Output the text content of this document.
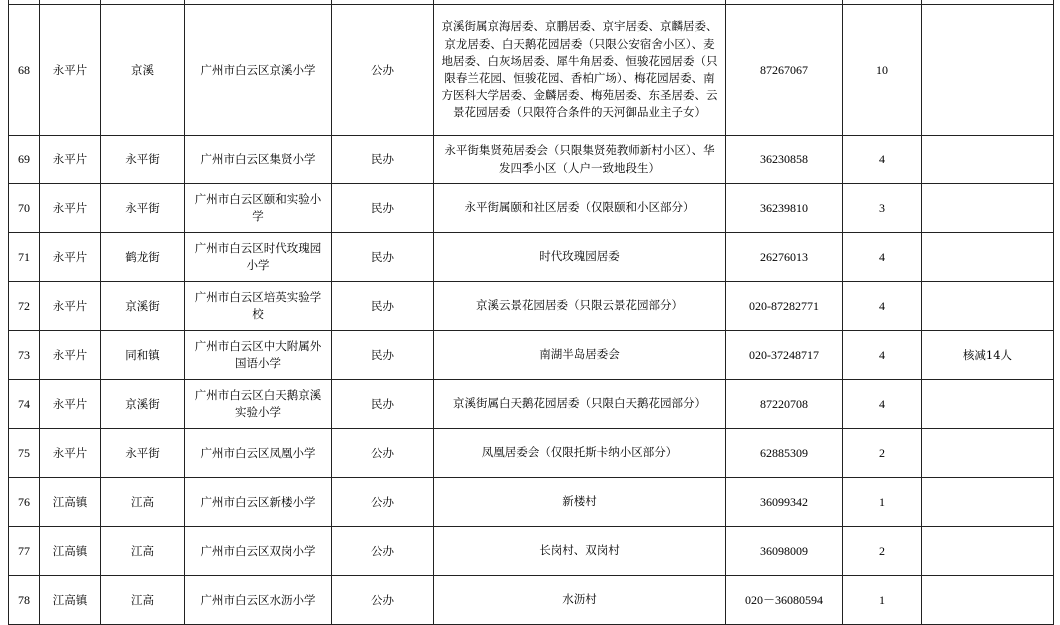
68	永平片	京溪	广州市白云区京溪小学	公办	京溪街属京海居委、京鹏居委、京宇居委、京麟居委、京龙居委、白天鹅花园居委（只限公安宿舍小区）、麦地居委、白灰场居委、犀牛角居委、恒骏花园居委（只限春兰花园、恒骏花园、香柏广场）、梅花园居委、南方医科大学居委、金麟居委、梅苑居委、东圣居委、云景花园居委（只限符合条件的天河御品业主子女）	87267067	10	
69	永平片	永平街	广州市白云区集贤小学	民办	永平街集贤苑居委会（只限集贤苑教师新村小区）、华发四季小区（人户一致地段生）	36230858	4	
70	永平片	永平街	广州市白云区颐和实验小学	民办	永平街属颐和社区居委（仅限颐和小区部分）	36239810	3	
71	永平片	鹤龙街	广州市白云区时代玫瑰园小学	民办	时代玫瑰园居委	26276013	4	
72	永平片	京溪街	广州市白云区培英实验学校	民办	京溪云景花园居委（只限云景花园部分）	020-87282771	4	
73	永平片	同和镇	广州市白云区中大附属外国语小学	民办	南湖半岛居委会	020-37248717	4	核减14人
74	永平片	京溪街	广州市白云区白天鹅京溪实验小学	民办	京溪街属白天鹅花园居委（只限白天鹅花园部分）	87220708	4	
75	永平片	永平街	广州市白云区凤凰小学	公办	凤凰居委会（仅限托斯卡纳小区部分）	62885309	2	
76	江高镇	江高	广州市白云区新楼小学	公办	新楼村	36099342	1	
77	江高镇	江高	广州市白云区双岗小学	公办	长岗村、双岗村	36098009	2	
78	江高镇	江高	广州市白云区水沥小学	公办	水沥村	020－36080594	1	
